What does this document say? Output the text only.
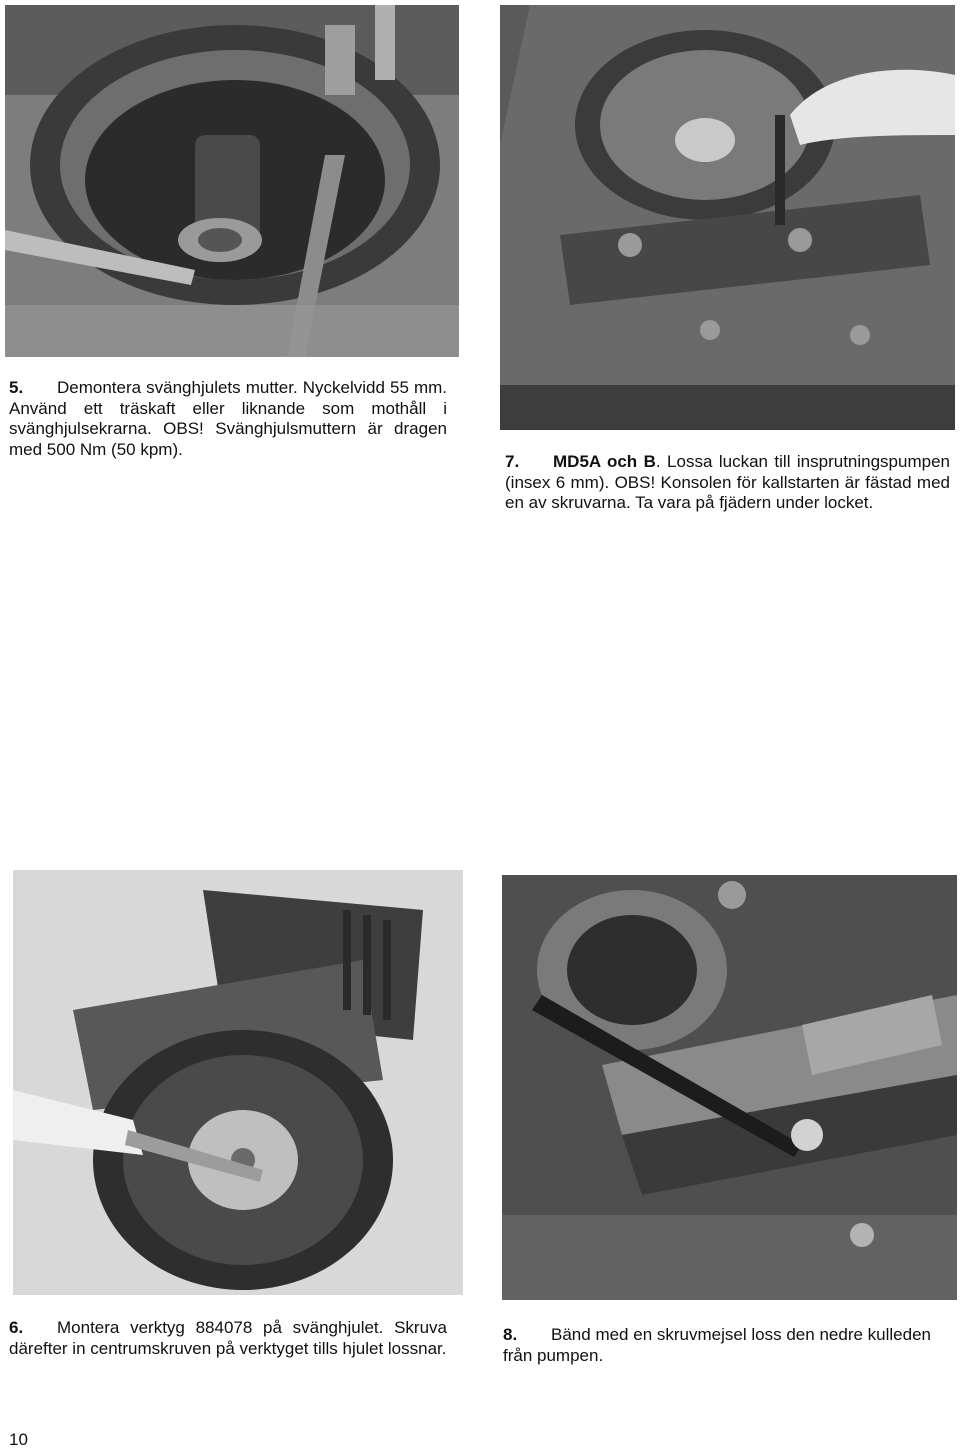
5. Demontera svänghjulets mutter. Nyckelvidd 55 mm. Använd ett träskaft eller liknande som mothåll i svänghjulsekrarna. OBS! Svänghjulsmuttern är dragen med 500 Nm (50 kpm).

7. MD5A och B. Lossa luckan till insprutningspumpen (insex 6 mm). OBS! Konsolen för kallstarten är fästad med en av skruvarna. Ta vara på fjädern under locket.

6. Montera verktyg 884078 på svänghjulet. Skruva därefter in centrumskruven på verktyget tills hjulet lossnar.

8. Bänd med en skruvmejsel loss den nedre kulleden från pumpen.

10
